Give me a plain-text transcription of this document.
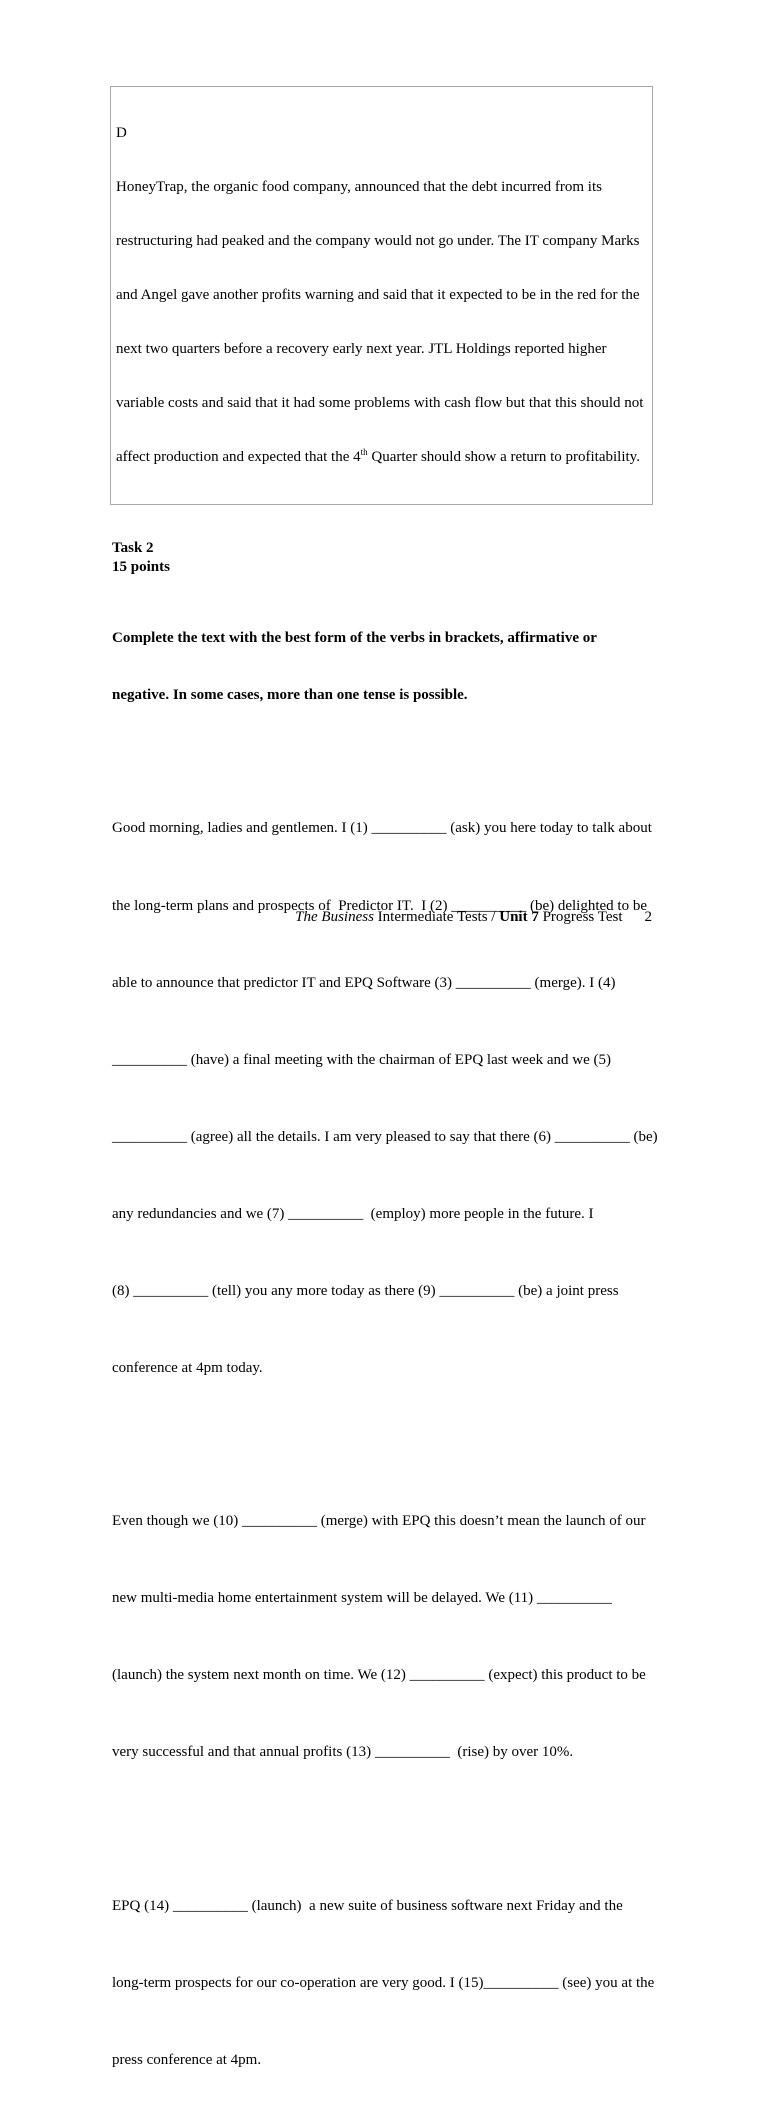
D

HoneyTrap, the organic food company, announced that the debt incurred from its

restructuring had peaked and the company would not go under. The IT company Marks

and Angel gave another profits warning and said that it expected to be in the red for the

next two quarters before a recovery early next year. JTL Holdings reported higher

variable costs and said that it had some problems with cash flow but that this should not

affect production and expected that the 4th Quarter should show a return to profitability.

Task 2
15 points

Complete the text with the best form of the verbs in brackets, affirmative or

negative. In some cases, more than one tense is possible.

Good morning, ladies and gentlemen. I (1) __________ (ask) you here today to talk about

the long-term plans and prospects of  Predictor IT.  I (2) __________ (be) delighted to be

able to announce that predictor IT and EPQ Software (3) __________ (merge). I (4)

__________ (have) a final meeting with the chairman of EPQ last week and we (5)

__________ (agree) all the details. I am very pleased to say that there (6) __________ (be)

any redundancies and we (7) __________  (employ) more people in the future. I

(8) __________ (tell) you any more today as there (9) __________ (be) a joint press

conference at 4pm today.

Even though we (10) __________ (merge) with EPQ this doesn’t mean the launch of our

new multi-media home entertainment system will be delayed. We (11) __________

(launch) the system next month on time. We (12) __________ (expect) this product to be

very successful and that annual profits (13) __________  (rise) by over 10%.

EPQ (14) __________ (launch)  a new suite of business software next Friday and the

long-term prospects for our co-operation are very good. I (15)__________ (see) you at the

press conference at 4pm.

The Business Intermediate Tests / Unit 7 Progress Test 2
